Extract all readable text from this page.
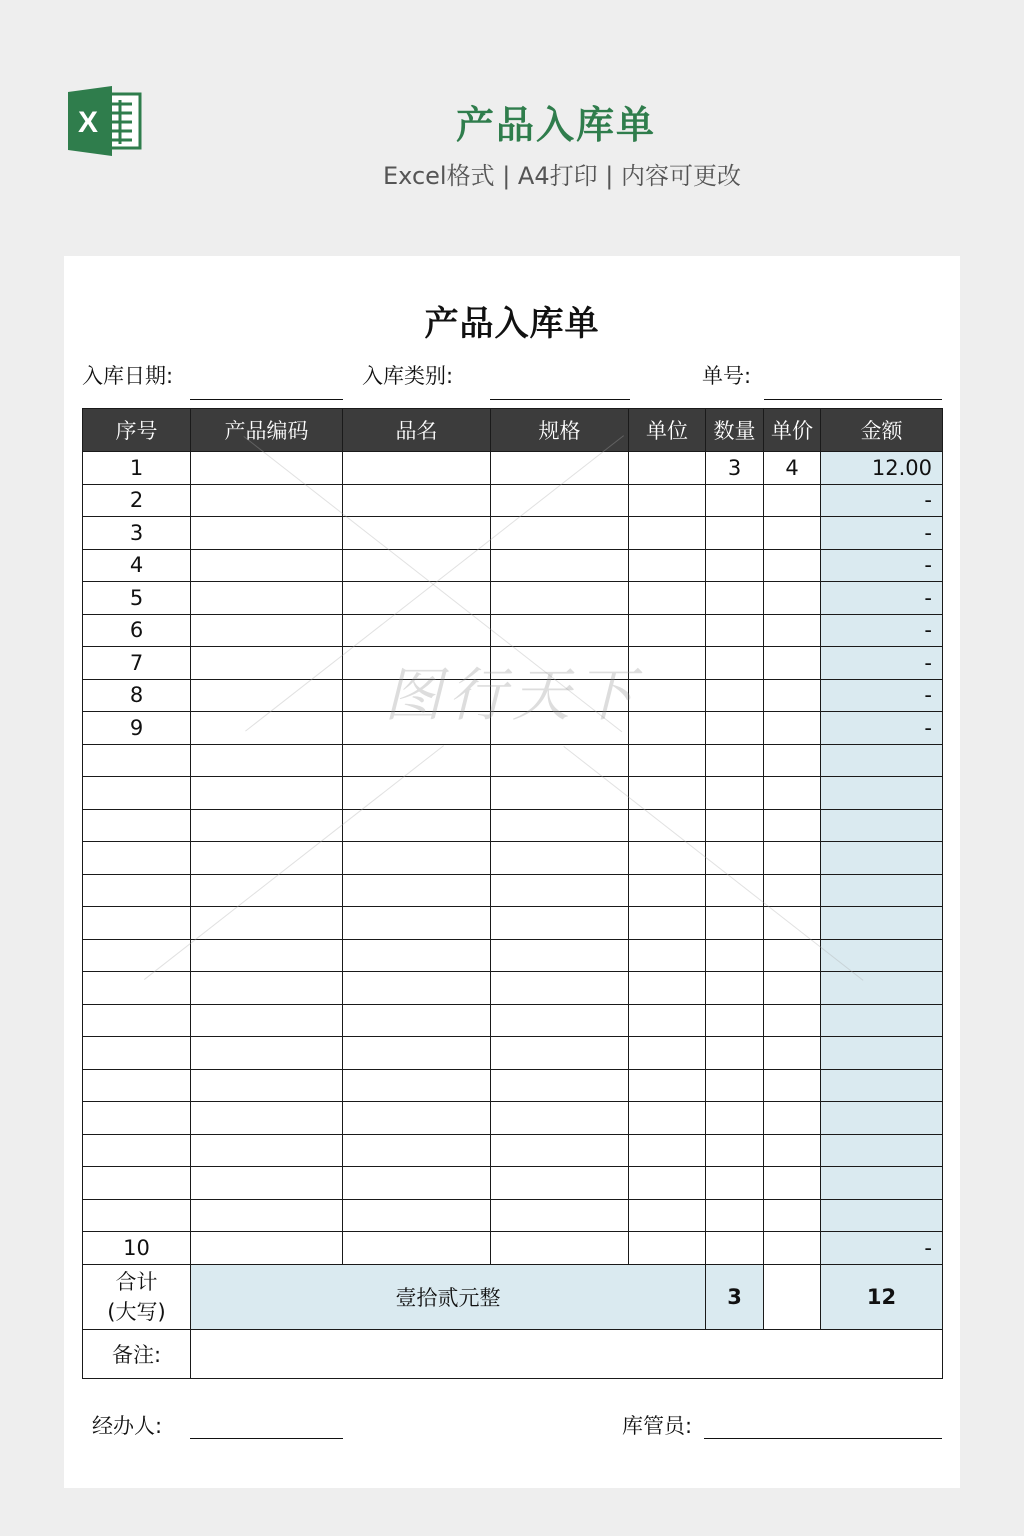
X	产品入库单
Excel格式 | A4打印 | 内容可更改
产品入库单
入库日期:	入库类别:	单号:
序号	产品编码	品名	规格	单位	数量	单价	金额
1					3	4	12.00
2							-
3							-
4							-
5							-
6							-
7							-
8							-
9							-

10							-
合计
(大写)	壹拾贰元整				3		12
备注:							
经办人:	库管员:
图行天下
